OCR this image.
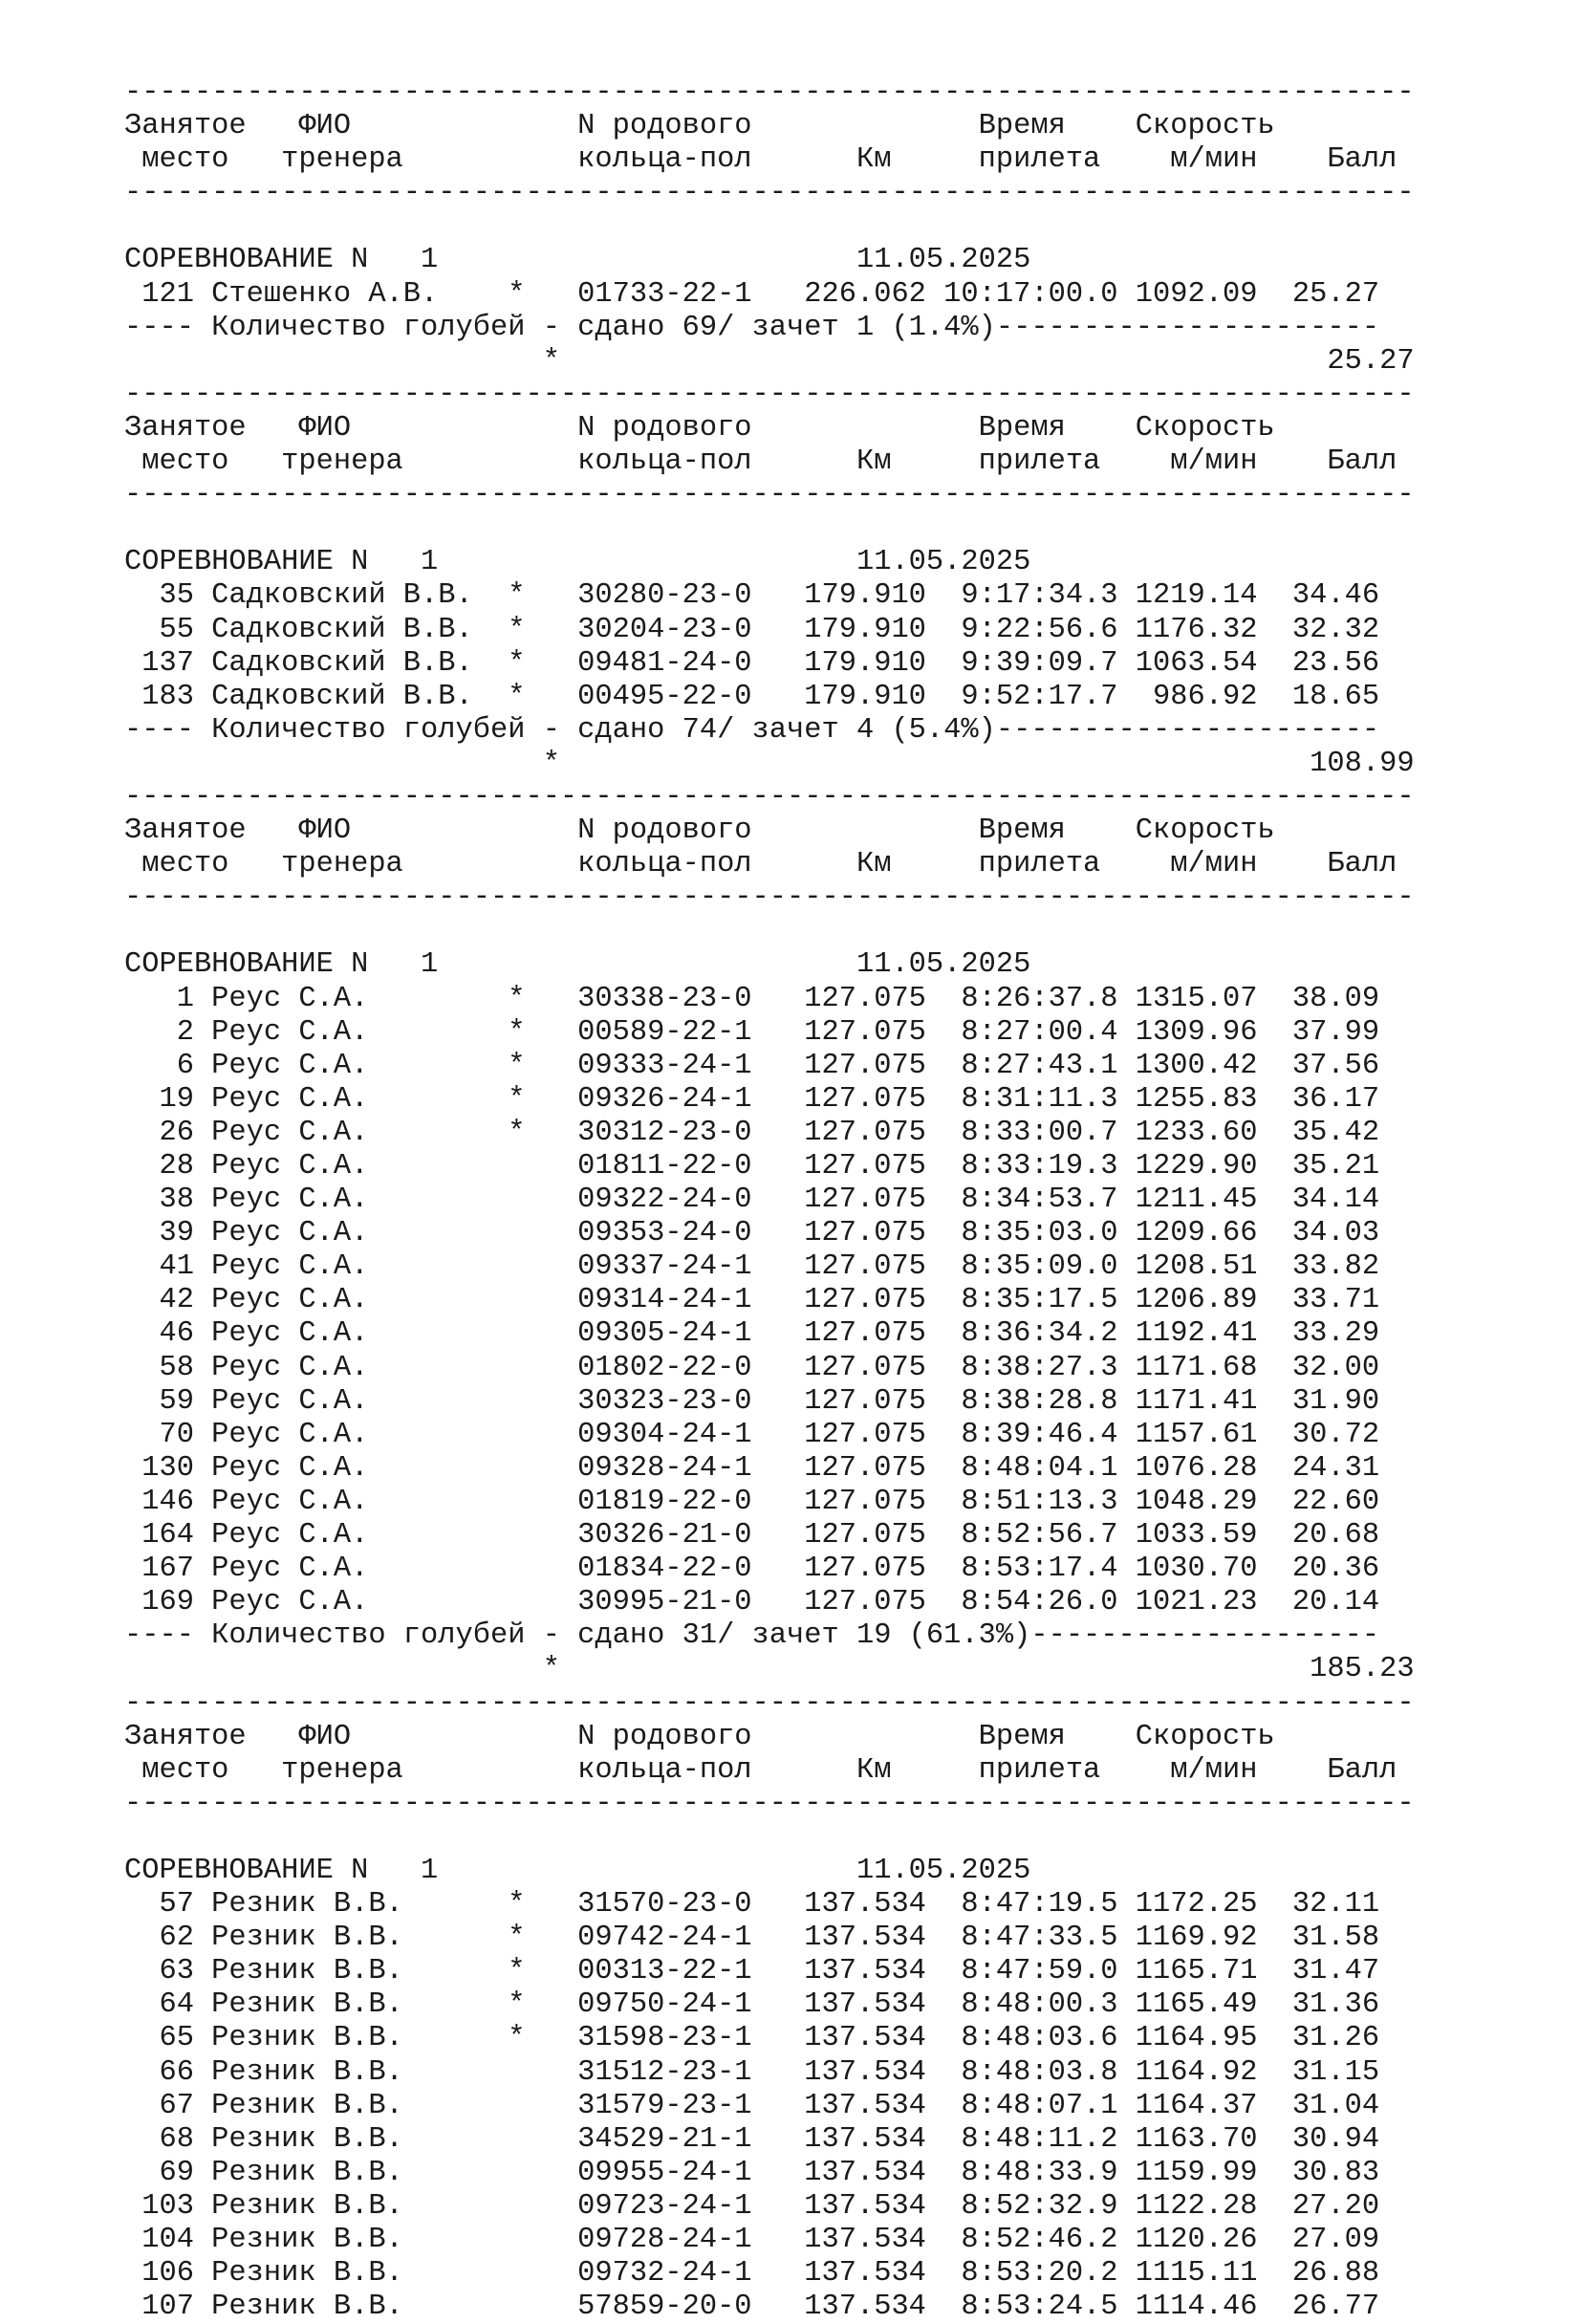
--------------------------------------------------------------------------
Занятое   ФИО             N родового             Время    Скорость
место   тренера          кольца-пол      Км     прилета    м/мин    Балл
--------------------------------------------------------------------------

СОРЕВНОВАНИЕ N   1                        11.05.2025
121 Стешенко А.В.    *   01733-22-1   226.062 10:17:00.0 1092.09  25.27
---- Количество голубей - сдано 69/ зачет 1 (1.4%)----------------------
*                                            25.27
--------------------------------------------------------------------------
Занятое   ФИО             N родового             Время    Скорость
место   тренера          кольца-пол      Км     прилета    м/мин    Балл
--------------------------------------------------------------------------

СОРЕВНОВАНИЕ N   1                        11.05.2025
35 Садковский В.В.  *   30280-23-0   179.910  9:17:34.3 1219.14  34.46
55 Садковский В.В.  *   30204-23-0   179.910  9:22:56.6 1176.32  32.32
137 Садковский В.В.  *   09481-24-0   179.910  9:39:09.7 1063.54  23.56
183 Садковский В.В.  *   00495-22-0   179.910  9:52:17.7  986.92  18.65
---- Количество голубей - сдано 74/ зачет 4 (5.4%)----------------------
*                                           108.99
--------------------------------------------------------------------------
Занятое   ФИО             N родового             Время    Скорость
место   тренера          кольца-пол      Км     прилета    м/мин    Балл
--------------------------------------------------------------------------

СОРЕВНОВАНИЕ N   1                        11.05.2025
1 Реус С.А.        *   30338-23-0   127.075  8:26:37.8 1315.07  38.09
2 Реус С.А.        *   00589-22-1   127.075  8:27:00.4 1309.96  37.99
6 Реус С.А.        *   09333-24-1   127.075  8:27:43.1 1300.42  37.56
19 Реус С.А.        *   09326-24-1   127.075  8:31:11.3 1255.83  36.17
26 Реус С.А.        *   30312-23-0   127.075  8:33:00.7 1233.60  35.42
28 Реус С.А.            01811-22-0   127.075  8:33:19.3 1229.90  35.21
38 Реус С.А.            09322-24-0   127.075  8:34:53.7 1211.45  34.14
39 Реус С.А.            09353-24-0   127.075  8:35:03.0 1209.66  34.03
41 Реус С.А.            09337-24-1   127.075  8:35:09.0 1208.51  33.82
42 Реус С.А.            09314-24-1   127.075  8:35:17.5 1206.89  33.71
46 Реус С.А.            09305-24-1   127.075  8:36:34.2 1192.41  33.29
58 Реус С.А.            01802-22-0   127.075  8:38:27.3 1171.68  32.00
59 Реус С.А.            30323-23-0   127.075  8:38:28.8 1171.41  31.90
70 Реус С.А.            09304-24-1   127.075  8:39:46.4 1157.61  30.72
130 Реус С.А.            09328-24-1   127.075  8:48:04.1 1076.28  24.31
146 Реус С.А.            01819-22-0   127.075  8:51:13.3 1048.29  22.60
164 Реус С.А.            30326-21-0   127.075  8:52:56.7 1033.59  20.68
167 Реус С.А.            01834-22-0   127.075  8:53:17.4 1030.70  20.36
169 Реус С.А.            30995-21-0   127.075  8:54:26.0 1021.23  20.14
---- Количество голубей - сдано 31/ зачет 19 (61.3%)--------------------
*                                           185.23
--------------------------------------------------------------------------
Занятое   ФИО             N родового             Время    Скорость
место   тренера          кольца-пол      Км     прилета    м/мин    Балл
--------------------------------------------------------------------------

СОРЕВНОВАНИЕ N   1                        11.05.2025
57 Резник В.В.      *   31570-23-0   137.534  8:47:19.5 1172.25  32.11
62 Резник В.В.      *   09742-24-1   137.534  8:47:33.5 1169.92  31.58
63 Резник В.В.      *   00313-22-1   137.534  8:47:59.0 1165.71  31.47
64 Резник В.В.      *   09750-24-1   137.534  8:48:00.3 1165.49  31.36
65 Резник В.В.      *   31598-23-1   137.534  8:48:03.6 1164.95  31.26
66 Резник В.В.          31512-23-1   137.534  8:48:03.8 1164.92  31.15
67 Резник В.В.          31579-23-1   137.534  8:48:07.1 1164.37  31.04
68 Резник В.В.          34529-21-1   137.534  8:48:11.2 1163.70  30.94
69 Резник В.В.          09955-24-1   137.534  8:48:33.9 1159.99  30.83
103 Резник В.В.          09723-24-1   137.534  8:52:32.9 1122.28  27.20
104 Резник В.В.          09728-24-1   137.534  8:52:46.2 1120.26  27.09
106 Резник В.В.          09732-24-1   137.534  8:53:20.2 1115.11  26.88
107 Резник В.В.          57859-20-0   137.534  8:53:24.5 1114.46  26.77
